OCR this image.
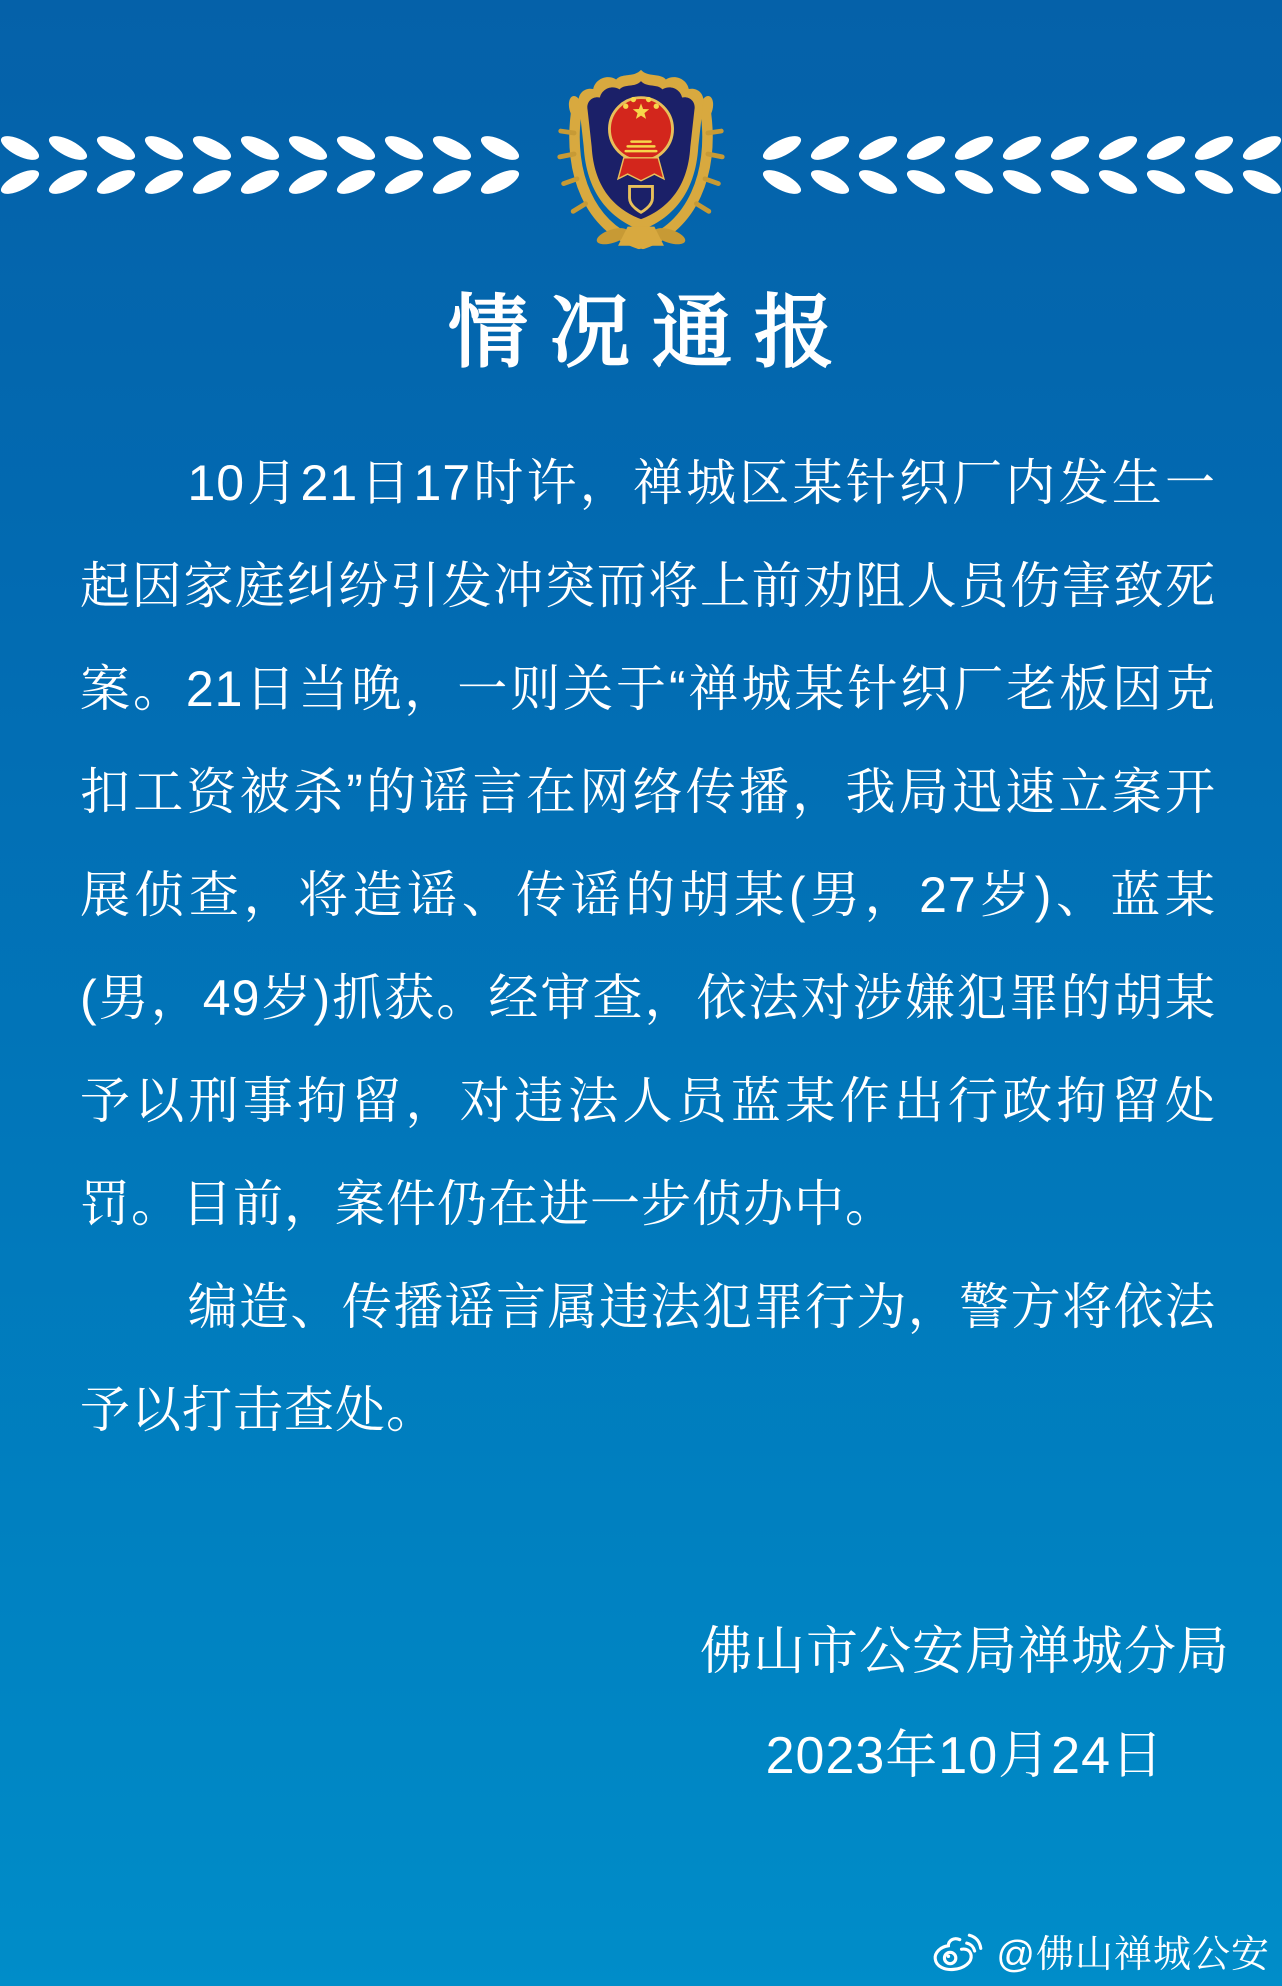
情况通报

10月21日17时许，禅城区某针织厂内发生一起因家庭纠纷引发冲突而将上前劝阻人员伤害致死案。21日当晚，一则关于“禅城某针织厂老板因克扣工资被杀”的谣言在网络传播，我局迅速立案开展侦查，将造谣、传谣的胡某(男，27岁)、蓝某(男，49岁)抓获。经审查，依法对涉嫌犯罪的胡某予以刑事拘留，对违法人员蓝某作出行政拘留处罚。目前，案件仍在进一步侦办中。

编造、传播谣言属违法犯罪行为，警方将依法予以打击查处。

佛山市公安局禅城分局
2023年10月24日
@佛山禅城公安
